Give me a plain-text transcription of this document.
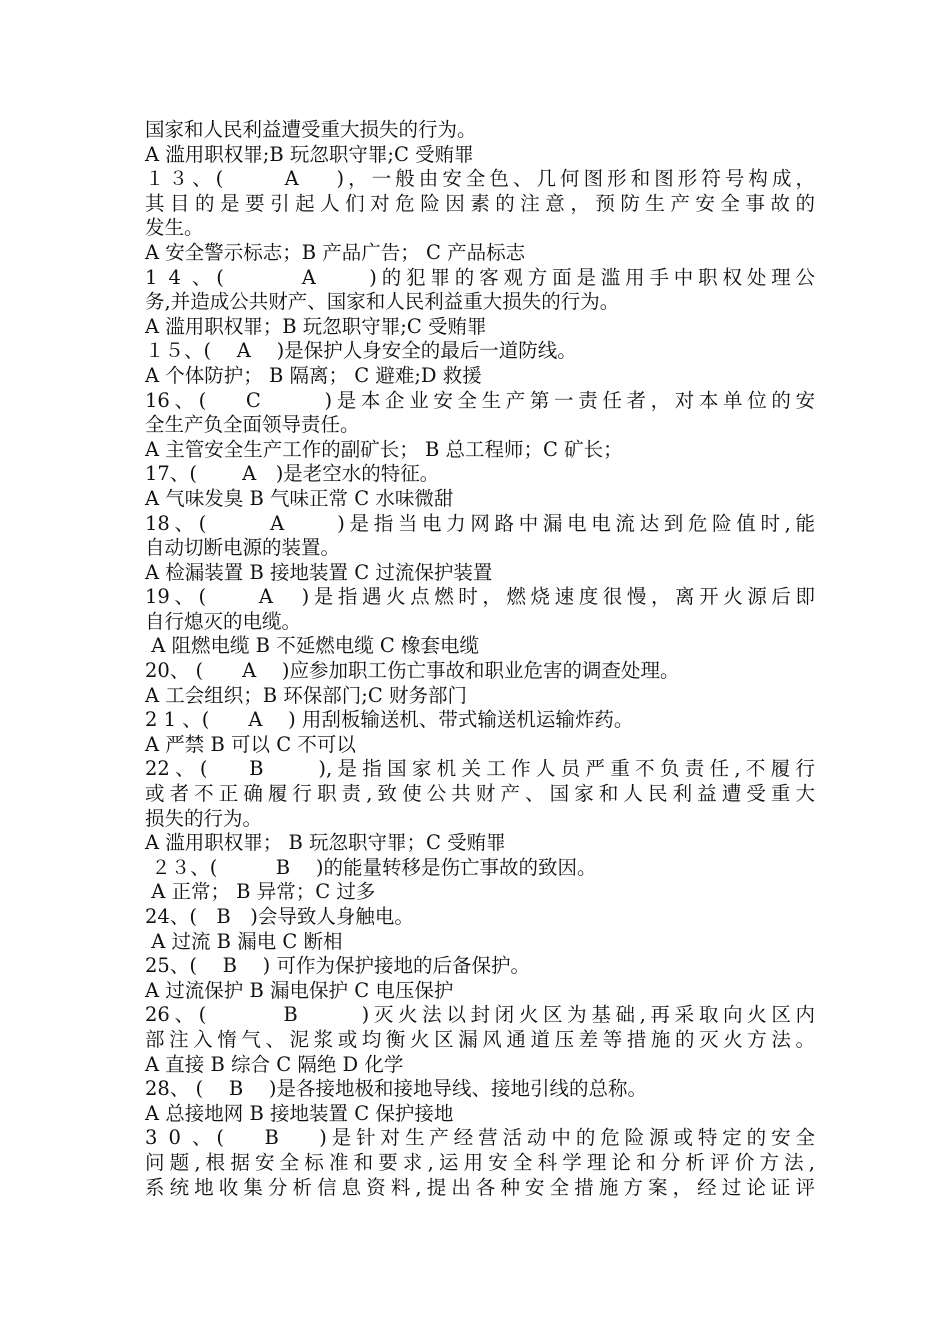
国家和人民利益遭受重大损失的行为。
A 滥用职权罪;B 玩忽职守罪;C 受贿罪
１３、(　　 A　 )，一般由安全色、几何图形和图形符号构成，
其目的是要引起人们对危险因素的注意，预防生产安全事故的
发生。
A 安全警示标志；B 产品广告； C 产品标志
1 4 、(　　　A　　)的犯罪的客观方面是滥用手中职权处理公
务,并造成公共财产、国家和人民利益重大损失的行为。
A 滥用职权罪；B 玩忽职守罪;C 受贿罪
１５、(　 A　 )是保护人身安全的最后一道防线。
A 个体防护； B 隔离； C 避难;D 救援
16、(　 C　　 )是本企业安全生产第一责任者，对本单位的安
全生产负全面领导责任。
A 主管安全生产工作的副矿长； B 总工程师；C 矿长；
17、(　　 A　)是老空水的特征。
A 气味发臭 B 气味正常 C 水味微甜
18、(　　 A　　)是指当电力网路中漏电电流达到危险值时,能
自动切断电源的装置。
A 检漏装置 B 接地装置 C 过流保护装置
19、(　　A　)是指遇火点燃时，燃烧速度很慢，离开火源后即
自行熄灭的电缆。
A 阻燃电缆 B 不延燃电缆 C 橡套电缆
20、 (　　A　 )应参加职工伤亡事故和职业危害的调查处理。
A 工会组织；B 环保部门;C 财务部门
2 1 、(　　A　 ) 用刮板输送机、带式输送机运输炸药。
A 严禁 B 可以 C 不可以
22、(　 B　　),是指国家机关工作人员严重不负责任,不履行
或者不正确履行职责,致使公共财产、国家和人民利益遭受重大
损失的行为。
A 滥用职权罪； B 玩忽职守罪；C 受贿罪
２３、(　　　B　 )的能量转移是伤亡事故的致因。
A 正常； B 异常；C 过多
24、(　B　)会导致人身触电。
A 过流 B 漏电 C 断相
25、(　 B　 ) 可作为保护接地的后备保护。
A 过流保护 B 漏电保护 C 电压保护
26、(　　　B　　 )灭火法以封闭火区为基础,再采取向火区内
部注入惰气、泥浆或均衡火区漏风通道压差等措施的灭火方法。
A 直接 B 综合 C 隔绝 D 化学
28、 (　 B　 )是各接地极和接地导线、接地引线的总称。
A 总接地网 B 接地装置 C 保护接地
3 0 、(　 B　 )是针对生产经营活动中的危险源或特定的安全
问题,根据安全标准和要求,运用安全科学理论和分析评价方法,
系统地收集分析信息资料,提出各种安全措施方案，经过论证评
